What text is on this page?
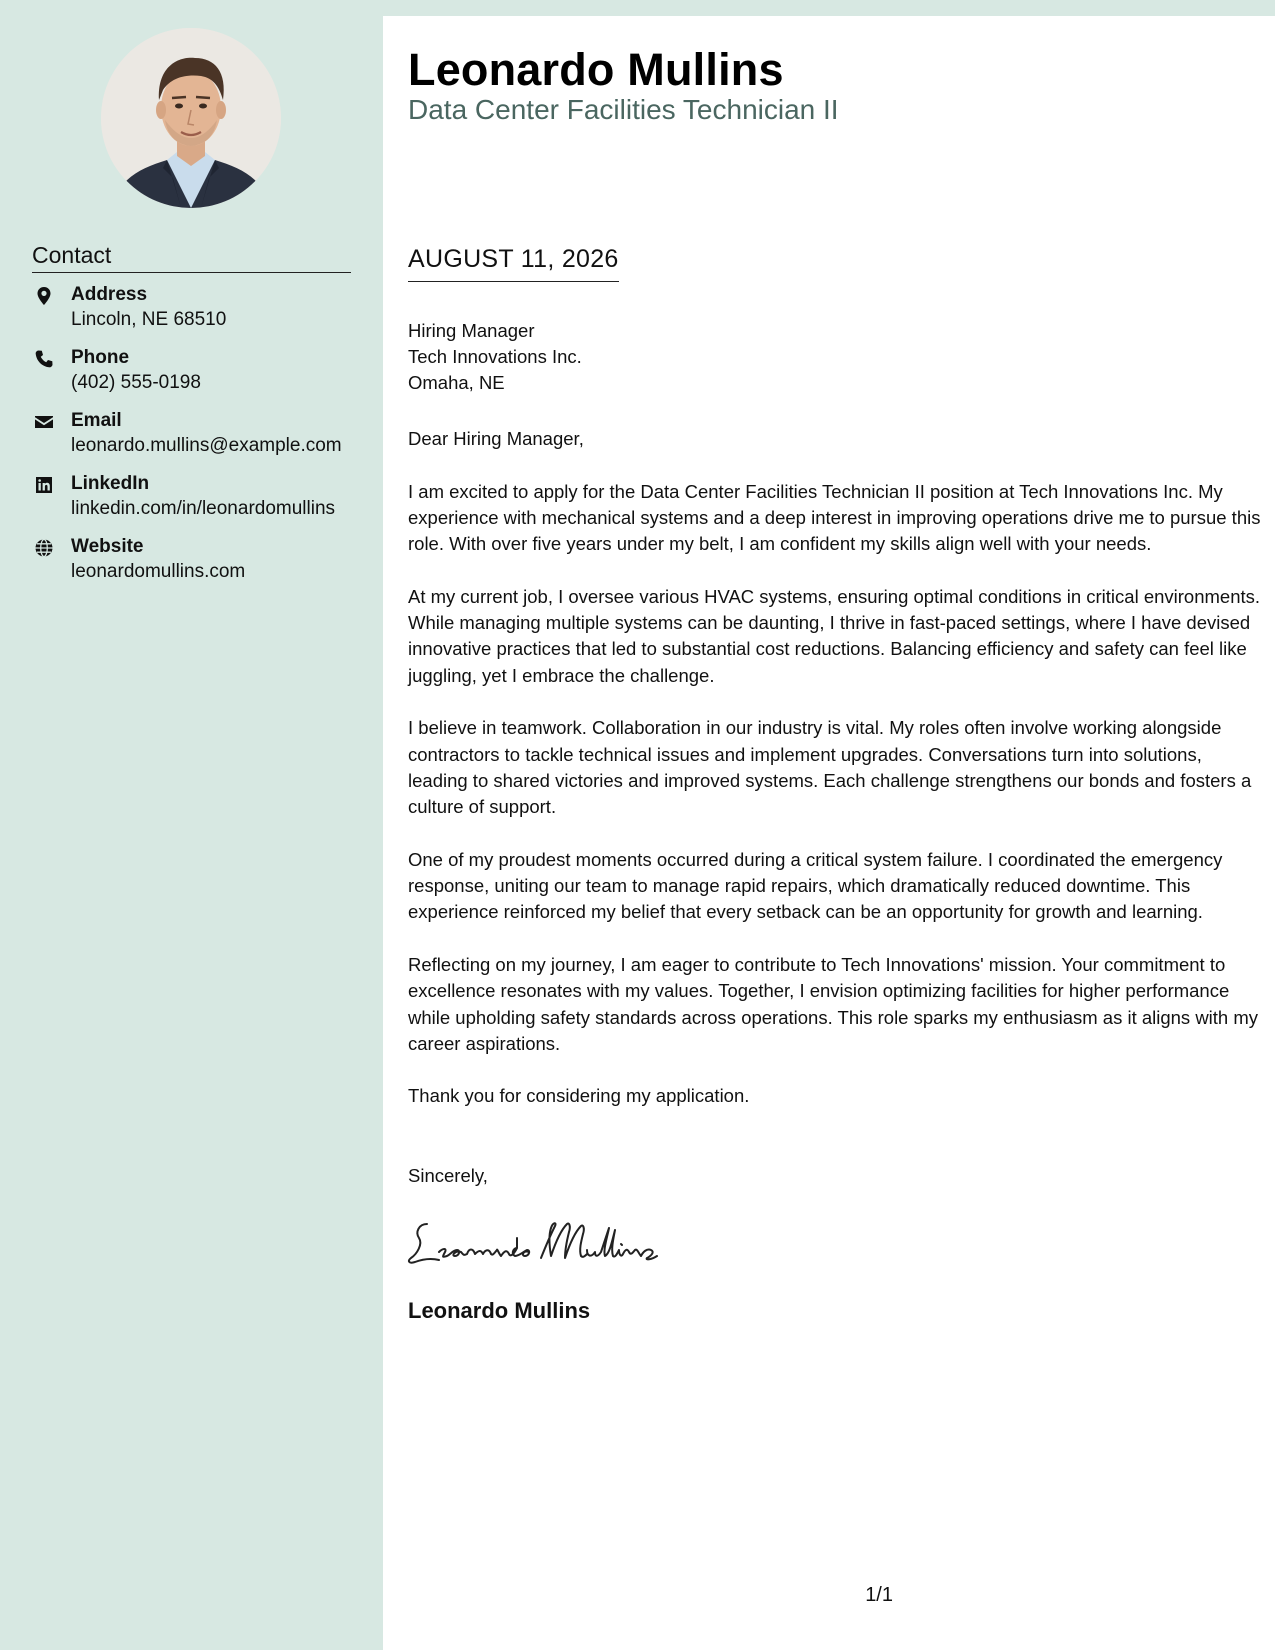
Contact
Address
Lincoln, NE 68510
Phone
(402) 555-0198
Email
leonardo.mullins@example.com
LinkedIn
linkedin.com/in/leonardomullins
Website
leonardomullins.com
Leonardo Mullins
Data Center Facilities Technician II
AUGUST 11, 2026
Hiring Manager
Tech Innovations Inc.
Omaha, NE

Dear Hiring Manager,

I am excited to apply for the Data Center Facilities Technician II position at Tech Innovations Inc. My experience with mechanical systems and a deep interest in improving operations drive me to pursue this role. With over five years under my belt, I am confident my skills align well with your needs.

At my current job, I oversee various HVAC systems, ensuring optimal conditions in critical environments. While managing multiple systems can be daunting, I thrive in fast-paced settings, where I have devised innovative practices that led to substantial cost reductions. Balancing efficiency and safety can feel like juggling, yet I embrace the challenge.

I believe in teamwork. Collaboration in our industry is vital. My roles often involve working alongside contractors to tackle technical issues and implement upgrades. Conversations turn into solutions, leading to shared victories and improved systems. Each challenge strengthens our bonds and fosters a culture of support.

One of my proudest moments occurred during a critical system failure. I coordinated the emergency response, uniting our team to manage rapid repairs, which dramatically reduced downtime. This experience reinforced my belief that every setback can be an opportunity for growth and learning.

Reflecting on my journey, I am eager to contribute to Tech Innovations' mission. Your commitment to excellence resonates with my values. Together, I envision optimizing facilities for higher performance while upholding safety standards across operations. This role sparks my enthusiasm as it aligns with my career aspirations.

Thank you for considering my application.

Sincerely,
Leonardo Mullins
1/1
